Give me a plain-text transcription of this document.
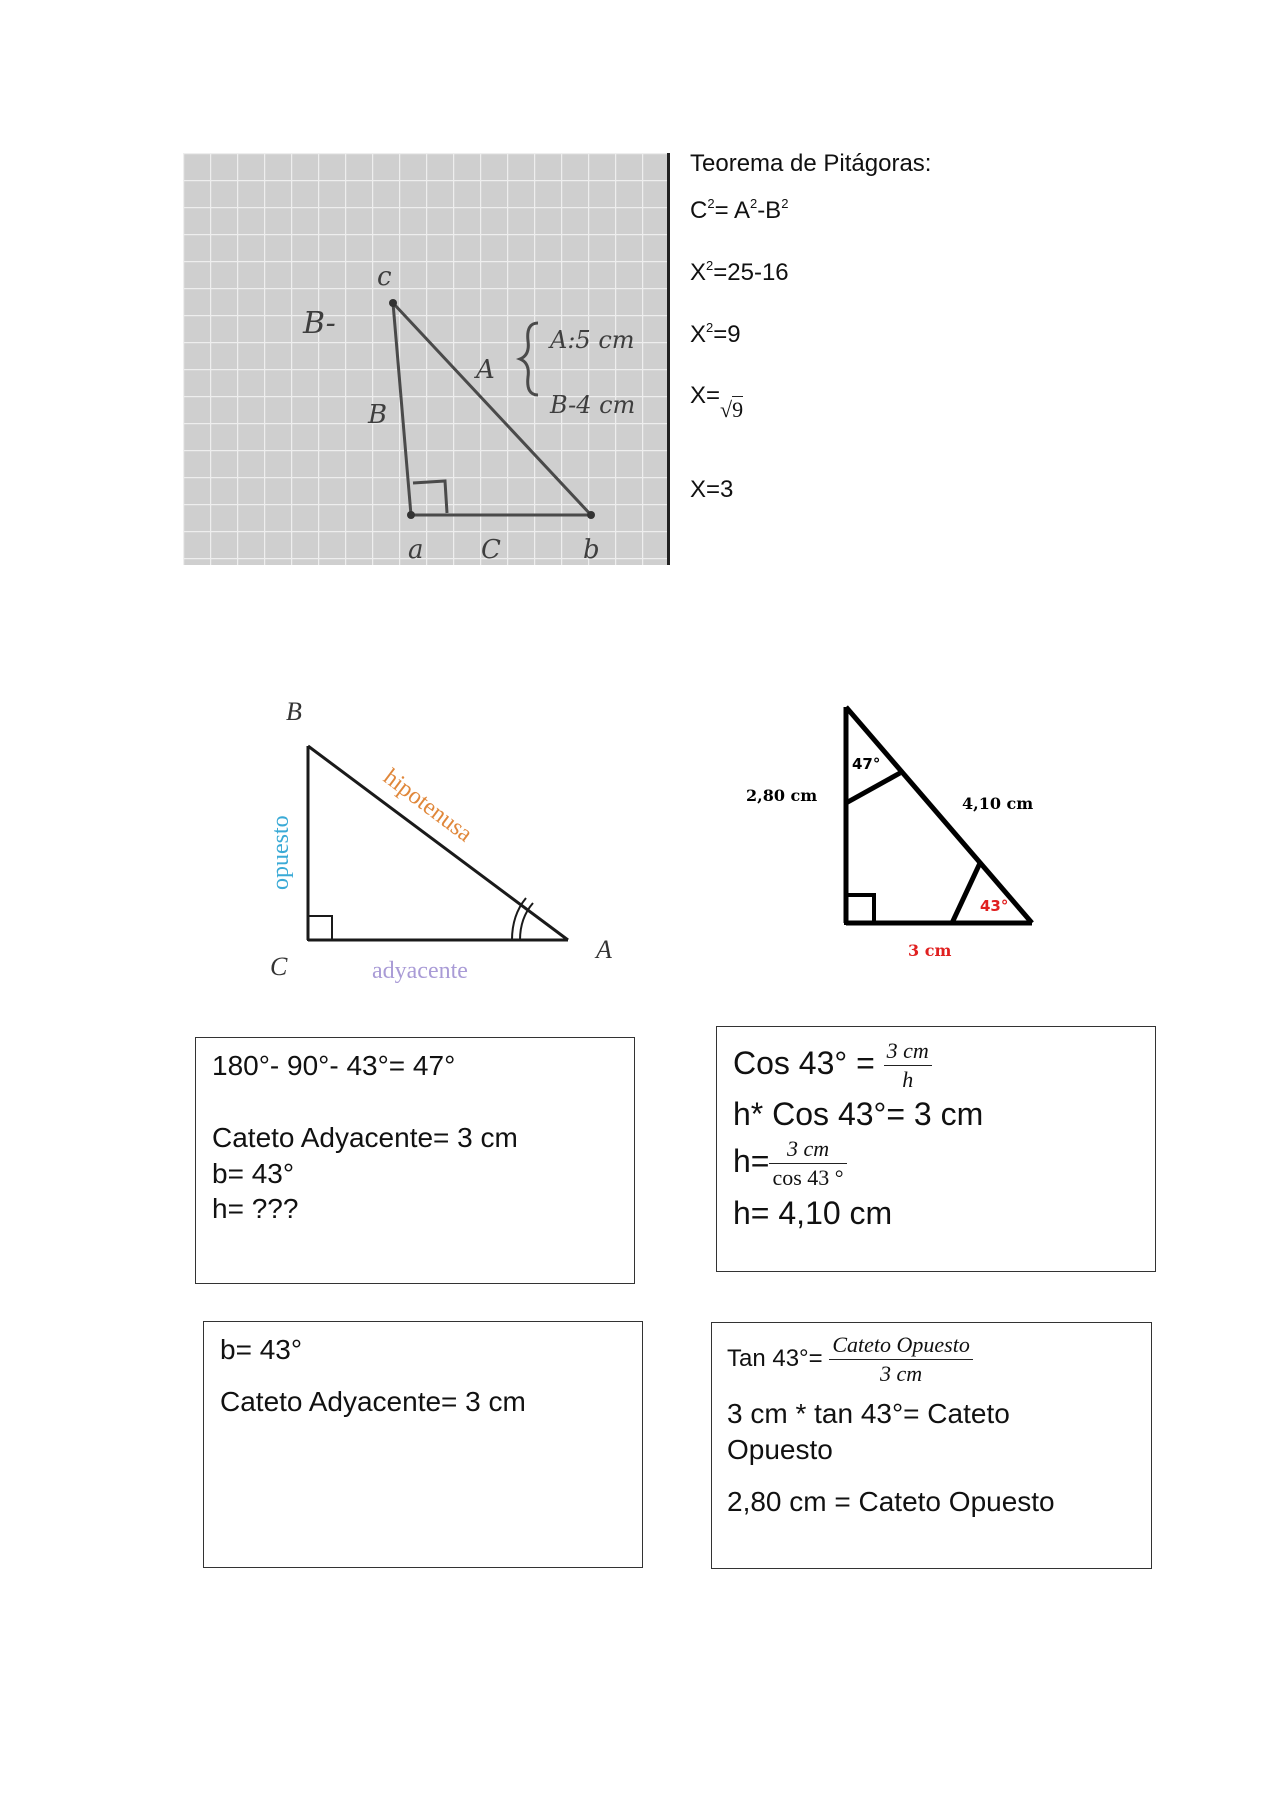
c
B-
B
A
A:5 cm
B-4 cm
a C	b
Teorema de Pitágoras:
$C^2= A^2-B^2$
$X^2=25-16$
$X^2=9$
X=√9
X=3
B
C
A
opuesto
hipotenusa
adyacente
47°
43°
2,80 cm	4,10 cm
3 cm
180°- 90°- 43°= 47°
Cateto Adyacente= 3 cm
b= 43°
h= ???
Cos $43^\circ = \frac{3 cm}{h}$
h* Cos 43°= 3 cm
$h= \frac{3 cm}{\cos 43 ^\circ}$
h= 4,10 cm
b= 43°
Cateto Adyacente= 3 cm
Tan $43^\circ= \frac{\text{Cateto Opuesto}}{3 cm}$
3 cm * tan 43°= Cateto Opuesto
2,80 cm = Cateto Opuesto
